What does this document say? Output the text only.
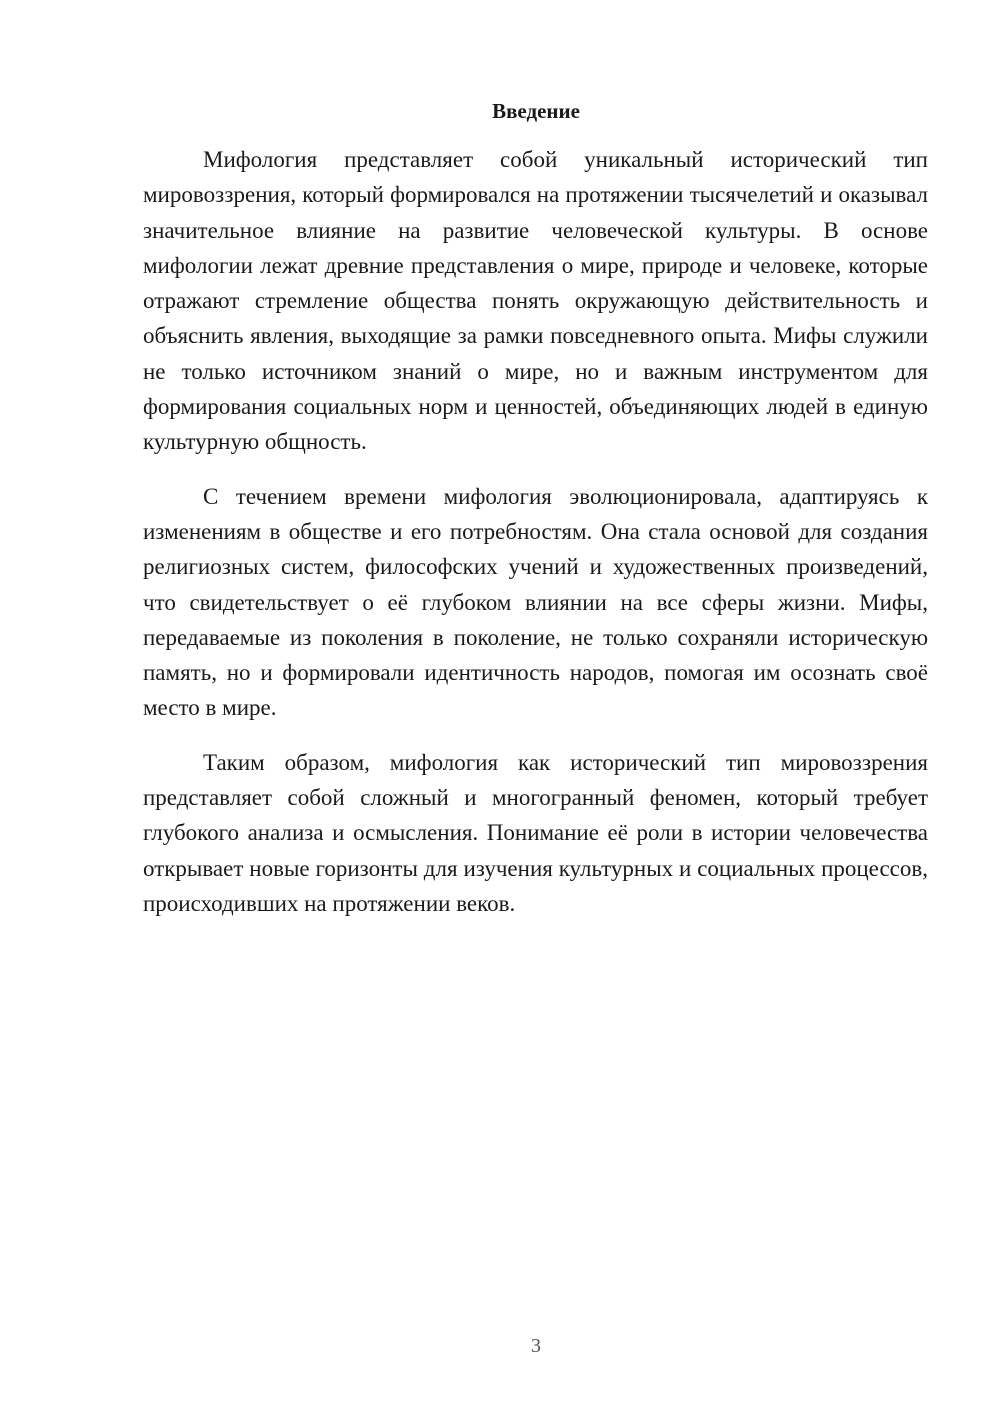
Введение

Мифология представляет собой уникальный исторический тип мировоззрения, который формировался на протяжении тысячелетий и оказывал значительное влияние на развитие человеческой культуры. В основе мифологии лежат древние представления о мире, природе и человеке, которые отражают стремление общества понять окружающую действительность и объяснить явления, выходящие за рамки повседневного опыта. Мифы служили не только источником знаний о мире, но и важным инструментом для формирования социальных норм и ценностей, объединяющих людей в единую культурную общность.

С течением времени мифология эволюционировала, адаптируясь к изменениям в обществе и его потребностям. Она стала основой для создания религиозных систем, философских учений и художественных произведений, что свидетельствует о её глубоком влиянии на все сферы жизни. Мифы, передаваемые из поколения в поколение, не только сохраняли историческую память, но и формировали идентичность народов, помогая им осознать своё место в мире.

Таким образом, мифология как исторический тип мировоззрения представляет собой сложный и многогранный феномен, который требует глубокого анализа и осмысления. Понимание её роли в истории человечества открывает новые горизонты для изучения культурных и социальных процессов, происходивших на протяжении веков.

3
